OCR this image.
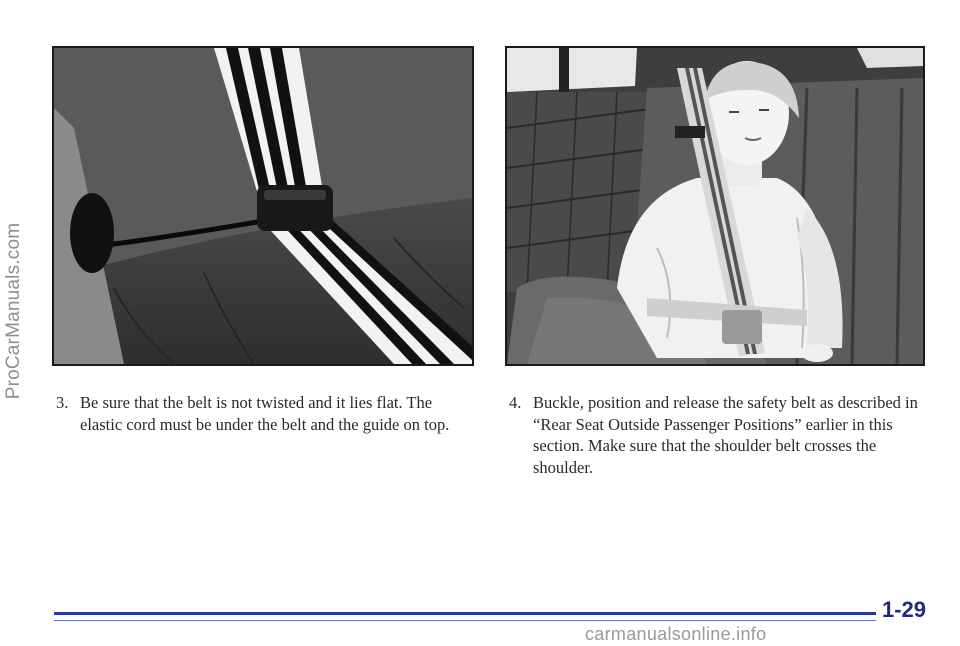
ProCarManuals.com
3. Be sure that the belt is not twisted and it lies flat. The elastic cord must be under the belt and the guide on top.
4. Buckle, position and release the safety belt as described in “Rear Seat Outside Passenger Positions” earlier in this section. Make sure that the shoulder belt crosses the shoulder.
1-29
carmanualsonline.info
